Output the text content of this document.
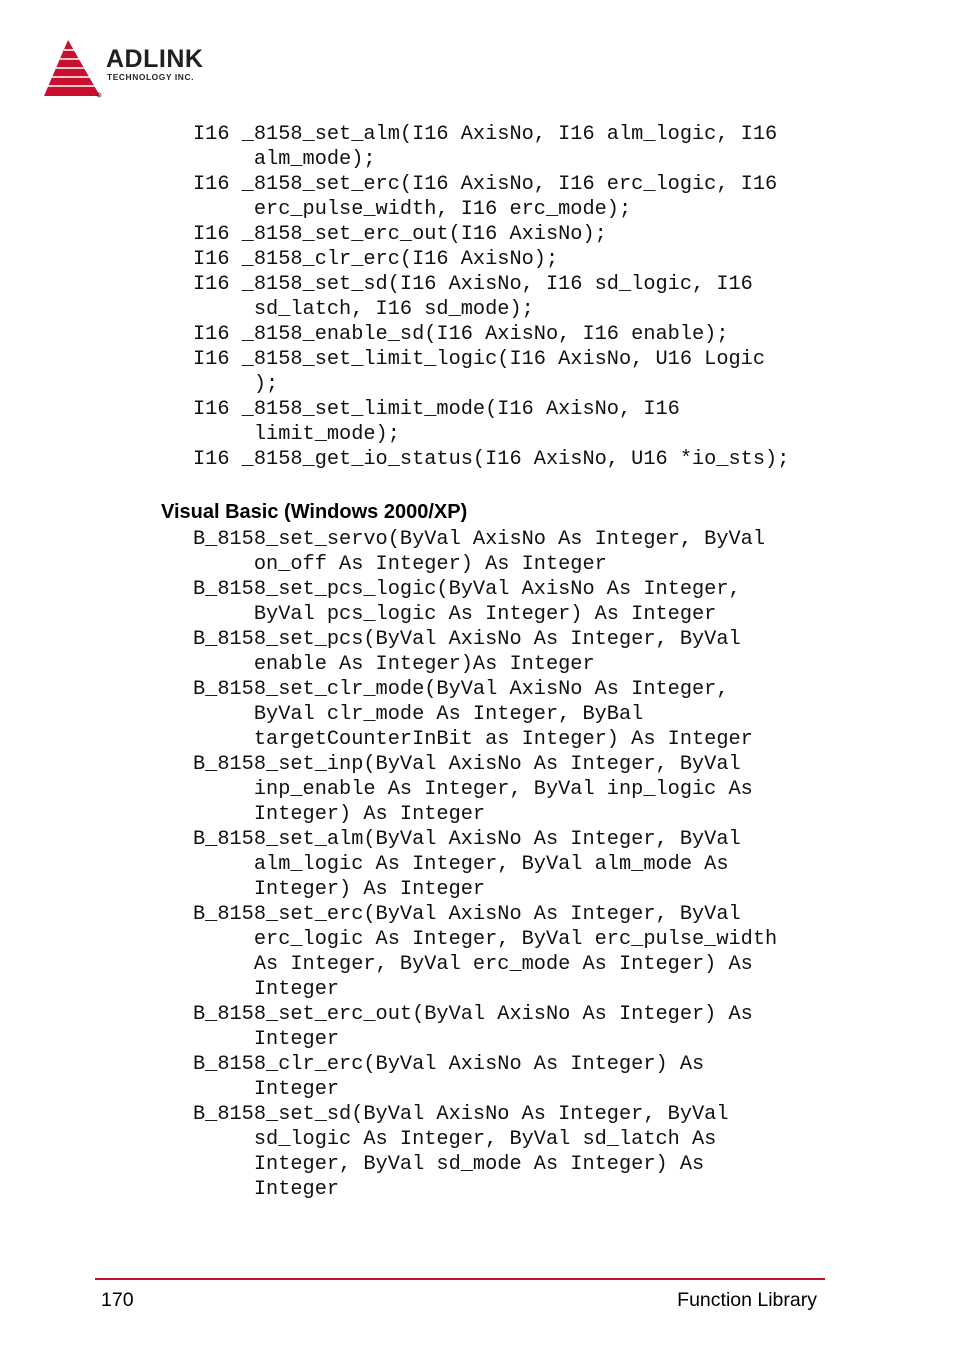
ADLINK
TECHNOLOGY INC.
I16 _8158_set_alm(I16 AxisNo, I16 alm_logic, I16
alm_mode);
I16 _8158_set_erc(I16 AxisNo, I16 erc_logic, I16
erc_pulse_width, I16 erc_mode);
I16 _8158_set_erc_out(I16 AxisNo);
I16 _8158_clr_erc(I16 AxisNo);
I16 _8158_set_sd(I16 AxisNo, I16 sd_logic, I16
sd_latch, I16 sd_mode);
I16 _8158_enable_sd(I16 AxisNo, I16 enable);
I16 _8158_set_limit_logic(I16 AxisNo, U16 Logic
);
I16 _8158_set_limit_mode(I16 AxisNo, I16
limit_mode);
I16 _8158_get_io_status(I16 AxisNo, U16 *io_sts);
Visual Basic (Windows 2000/XP)
B_8158_set_servo(ByVal AxisNo As Integer, ByVal
on_off As Integer) As Integer
B_8158_set_pcs_logic(ByVal AxisNo As Integer,
ByVal pcs_logic As Integer) As Integer
B_8158_set_pcs(ByVal AxisNo As Integer, ByVal
enable As Integer)As Integer
B_8158_set_clr_mode(ByVal AxisNo As Integer,
ByVal clr_mode As Integer, ByBal
targetCounterInBit as Integer) As Integer
B_8158_set_inp(ByVal AxisNo As Integer, ByVal
inp_enable As Integer, ByVal inp_logic As
Integer) As Integer
B_8158_set_alm(ByVal AxisNo As Integer, ByVal
alm_logic As Integer, ByVal alm_mode As
Integer) As Integer
B_8158_set_erc(ByVal AxisNo As Integer, ByVal
erc_logic As Integer, ByVal erc_pulse_width
As Integer, ByVal erc_mode As Integer) As
Integer
B_8158_set_erc_out(ByVal AxisNo As Integer) As
Integer
B_8158_clr_erc(ByVal AxisNo As Integer) As
Integer
B_8158_set_sd(ByVal AxisNo As Integer, ByVal
sd_logic As Integer, ByVal sd_latch As
Integer, ByVal sd_mode As Integer) As
Integer
170	Function Library
